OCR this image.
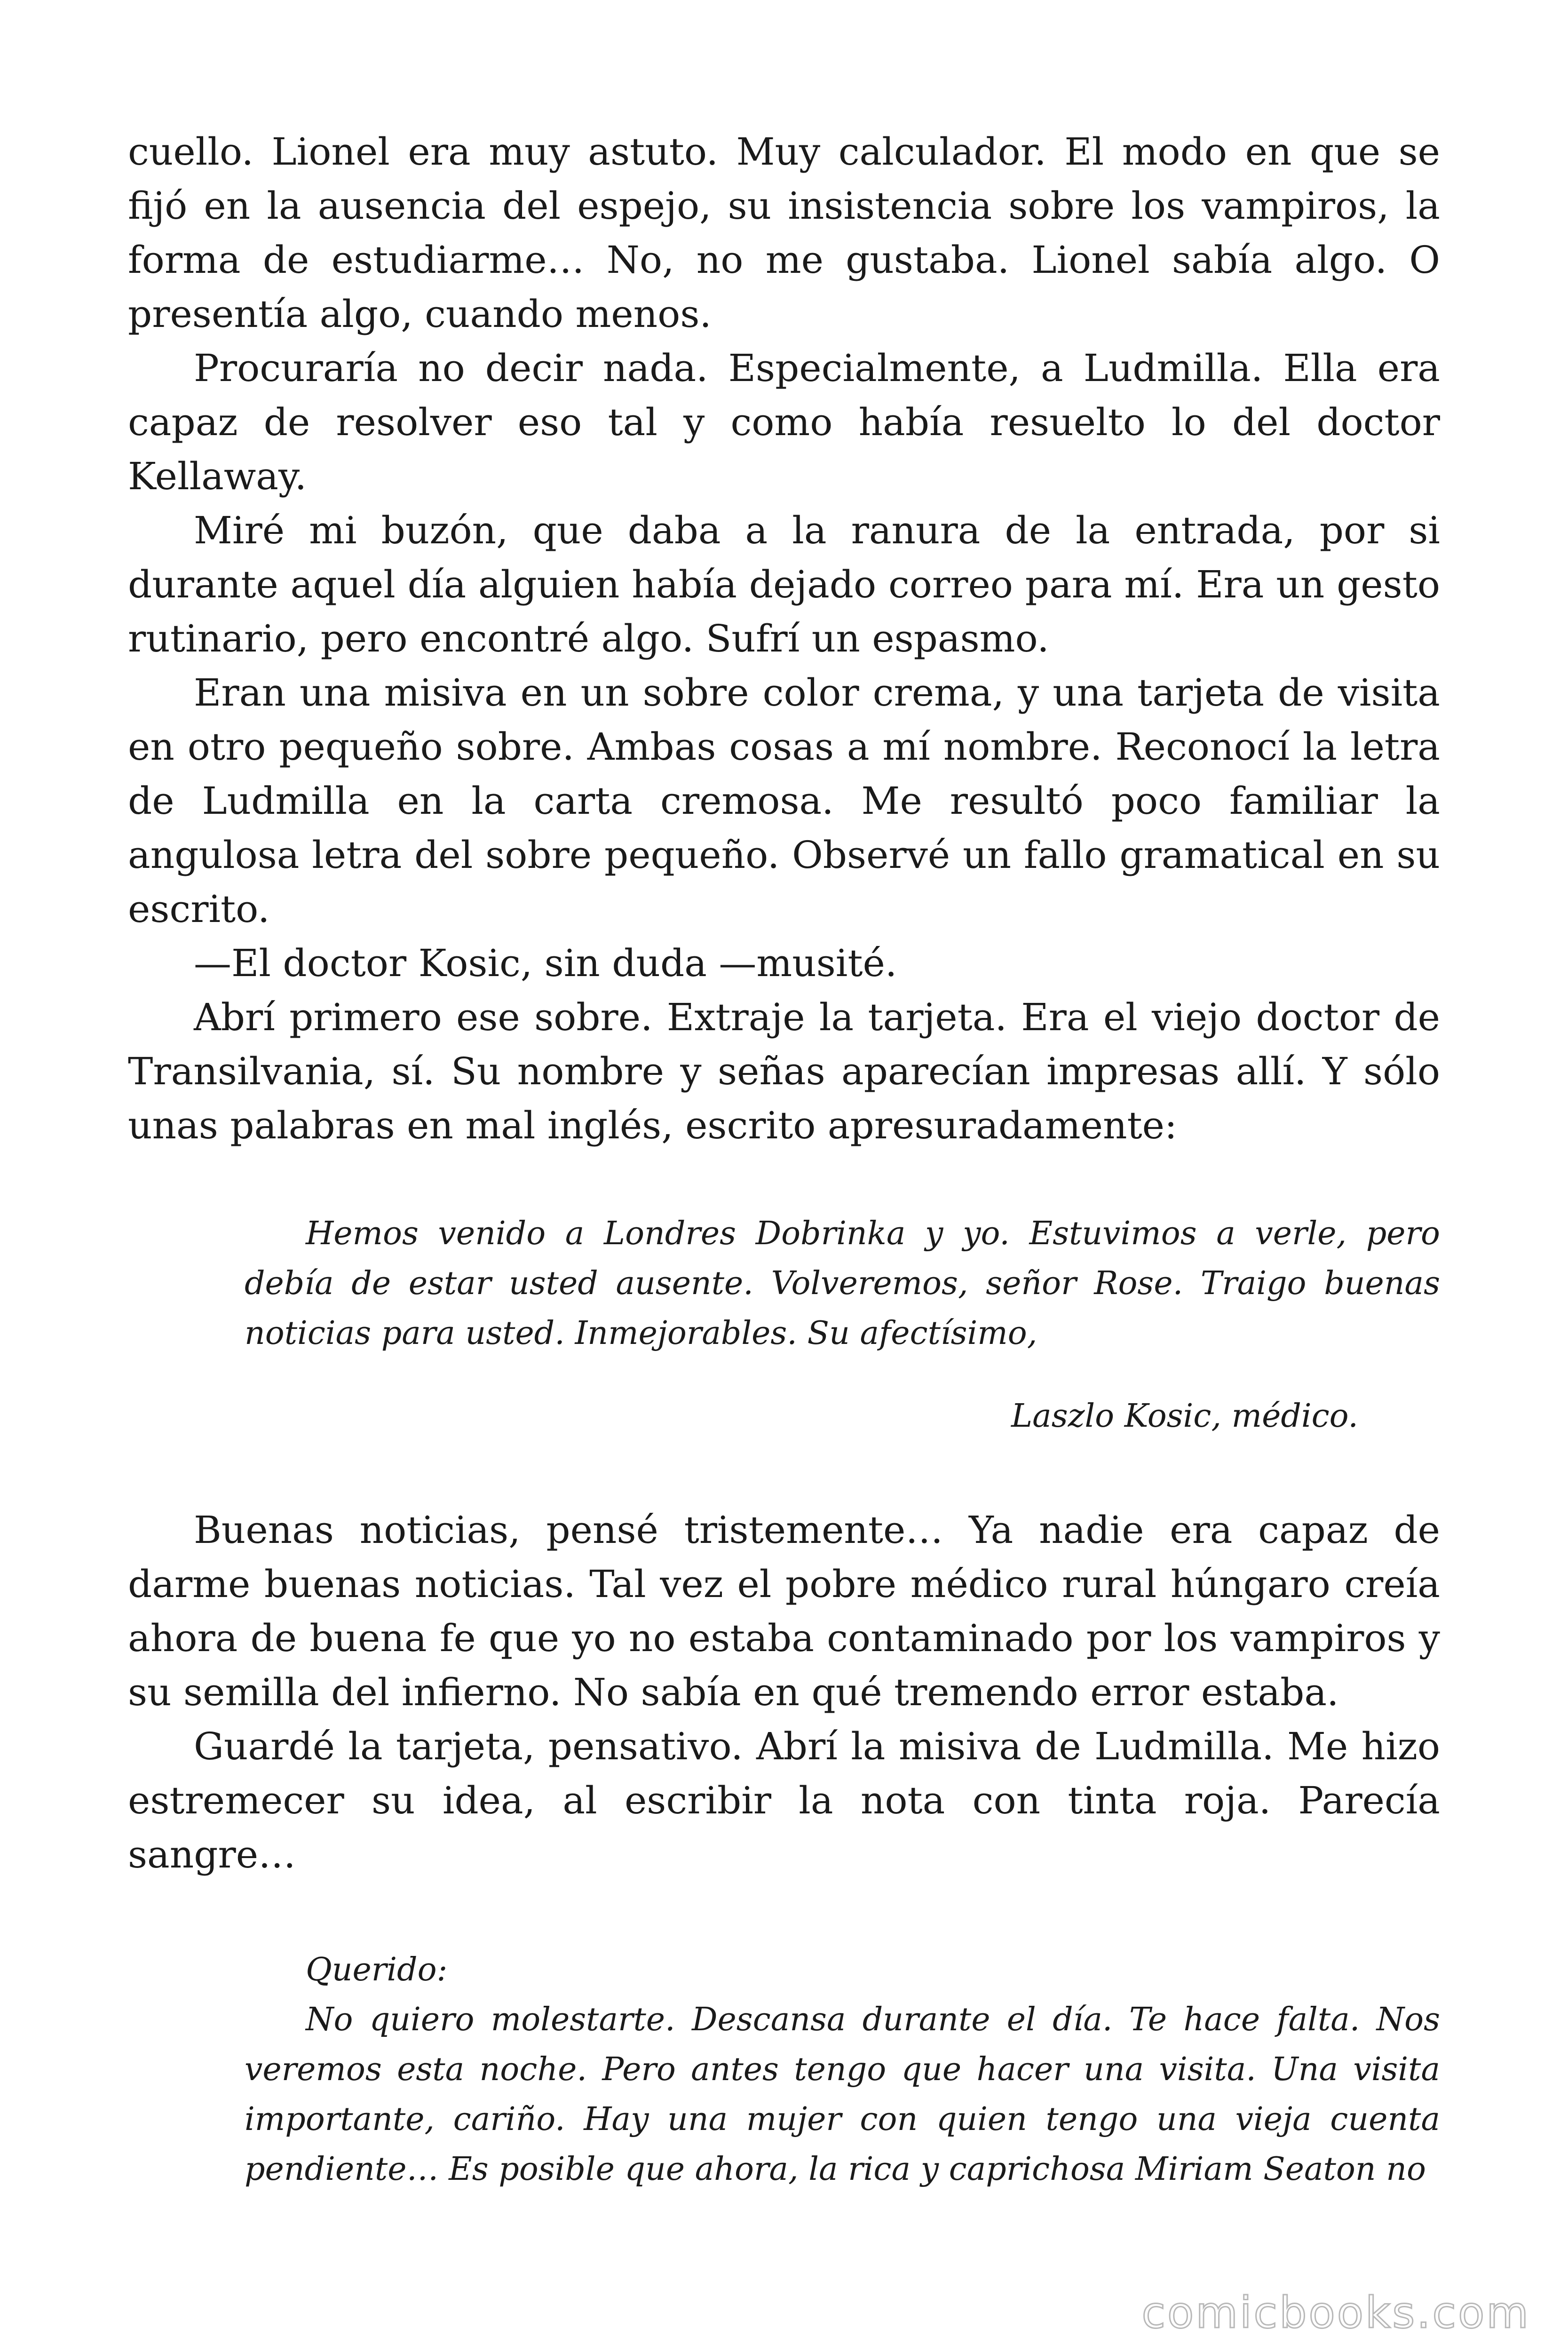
cuello. Lionel era muy astuto. Muy calculador. El modo en que se fijó en la ausencia del espejo, su insistencia sobre los vampiros, la forma de estudiarme… No, no me gustaba. Lionel sabía algo. O presentía algo, cuando menos.

Procuraría no decir nada. Especialmente, a Ludmilla. Ella era capaz de resolver eso tal y como había resuelto lo del doctor Kellaway.

Miré mi buzón, que daba a la ranura de la entrada, por si durante aquel día alguien había dejado correo para mí. Era un gesto rutinario, pero encontré algo. Sufrí un espasmo.

Eran una misiva en un sobre color crema, y una tarjeta de visita en otro pequeño sobre. Ambas cosas a mí nombre. Reconocí la letra de Ludmilla en la carta cremosa. Me resultó poco familiar la angulosa letra del sobre pequeño. Observé un fallo gramatical en su escrito.

—El doctor Kosic, sin duda —musité.

Abrí primero ese sobre. Extraje la tarjeta. Era el viejo doctor de Transilvania, sí. Su nombre y señas aparecían impresas allí. Y sólo unas palabras en mal inglés, escrito apresuradamente:

Hemos venido a Londres Dobrinka y yo. Estuvimos a verle, pero debía de estar usted ausente. Volveremos, señor Rose. Traigo buenas noticias para usted. Inmejorables. Su afectísimo,

Laszlo Kosic, médico.

Buenas noticias, pensé tristemente… Ya nadie era capaz de darme buenas noticias. Tal vez el pobre médico rural húngaro creía ahora de buena fe que yo no estaba contaminado por los vampiros y su semilla del infierno. No sabía en qué tremendo error estaba.

Guardé la tarjeta, pensativo. Abrí la misiva de Ludmilla. Me hizo estremecer su idea, al escribir la nota con tinta roja. Parecía sangre…

Querido:

No quiero molestarte. Descansa durante el día. Te hace falta. Nos veremos esta noche. Pero antes tengo que hacer una visita. Una visita importante, cariño. Hay una mujer con quien tengo una vieja cuenta pendiente… Es posible que ahora, la rica y caprichosa Miriam Seaton no

comicbooks.com
